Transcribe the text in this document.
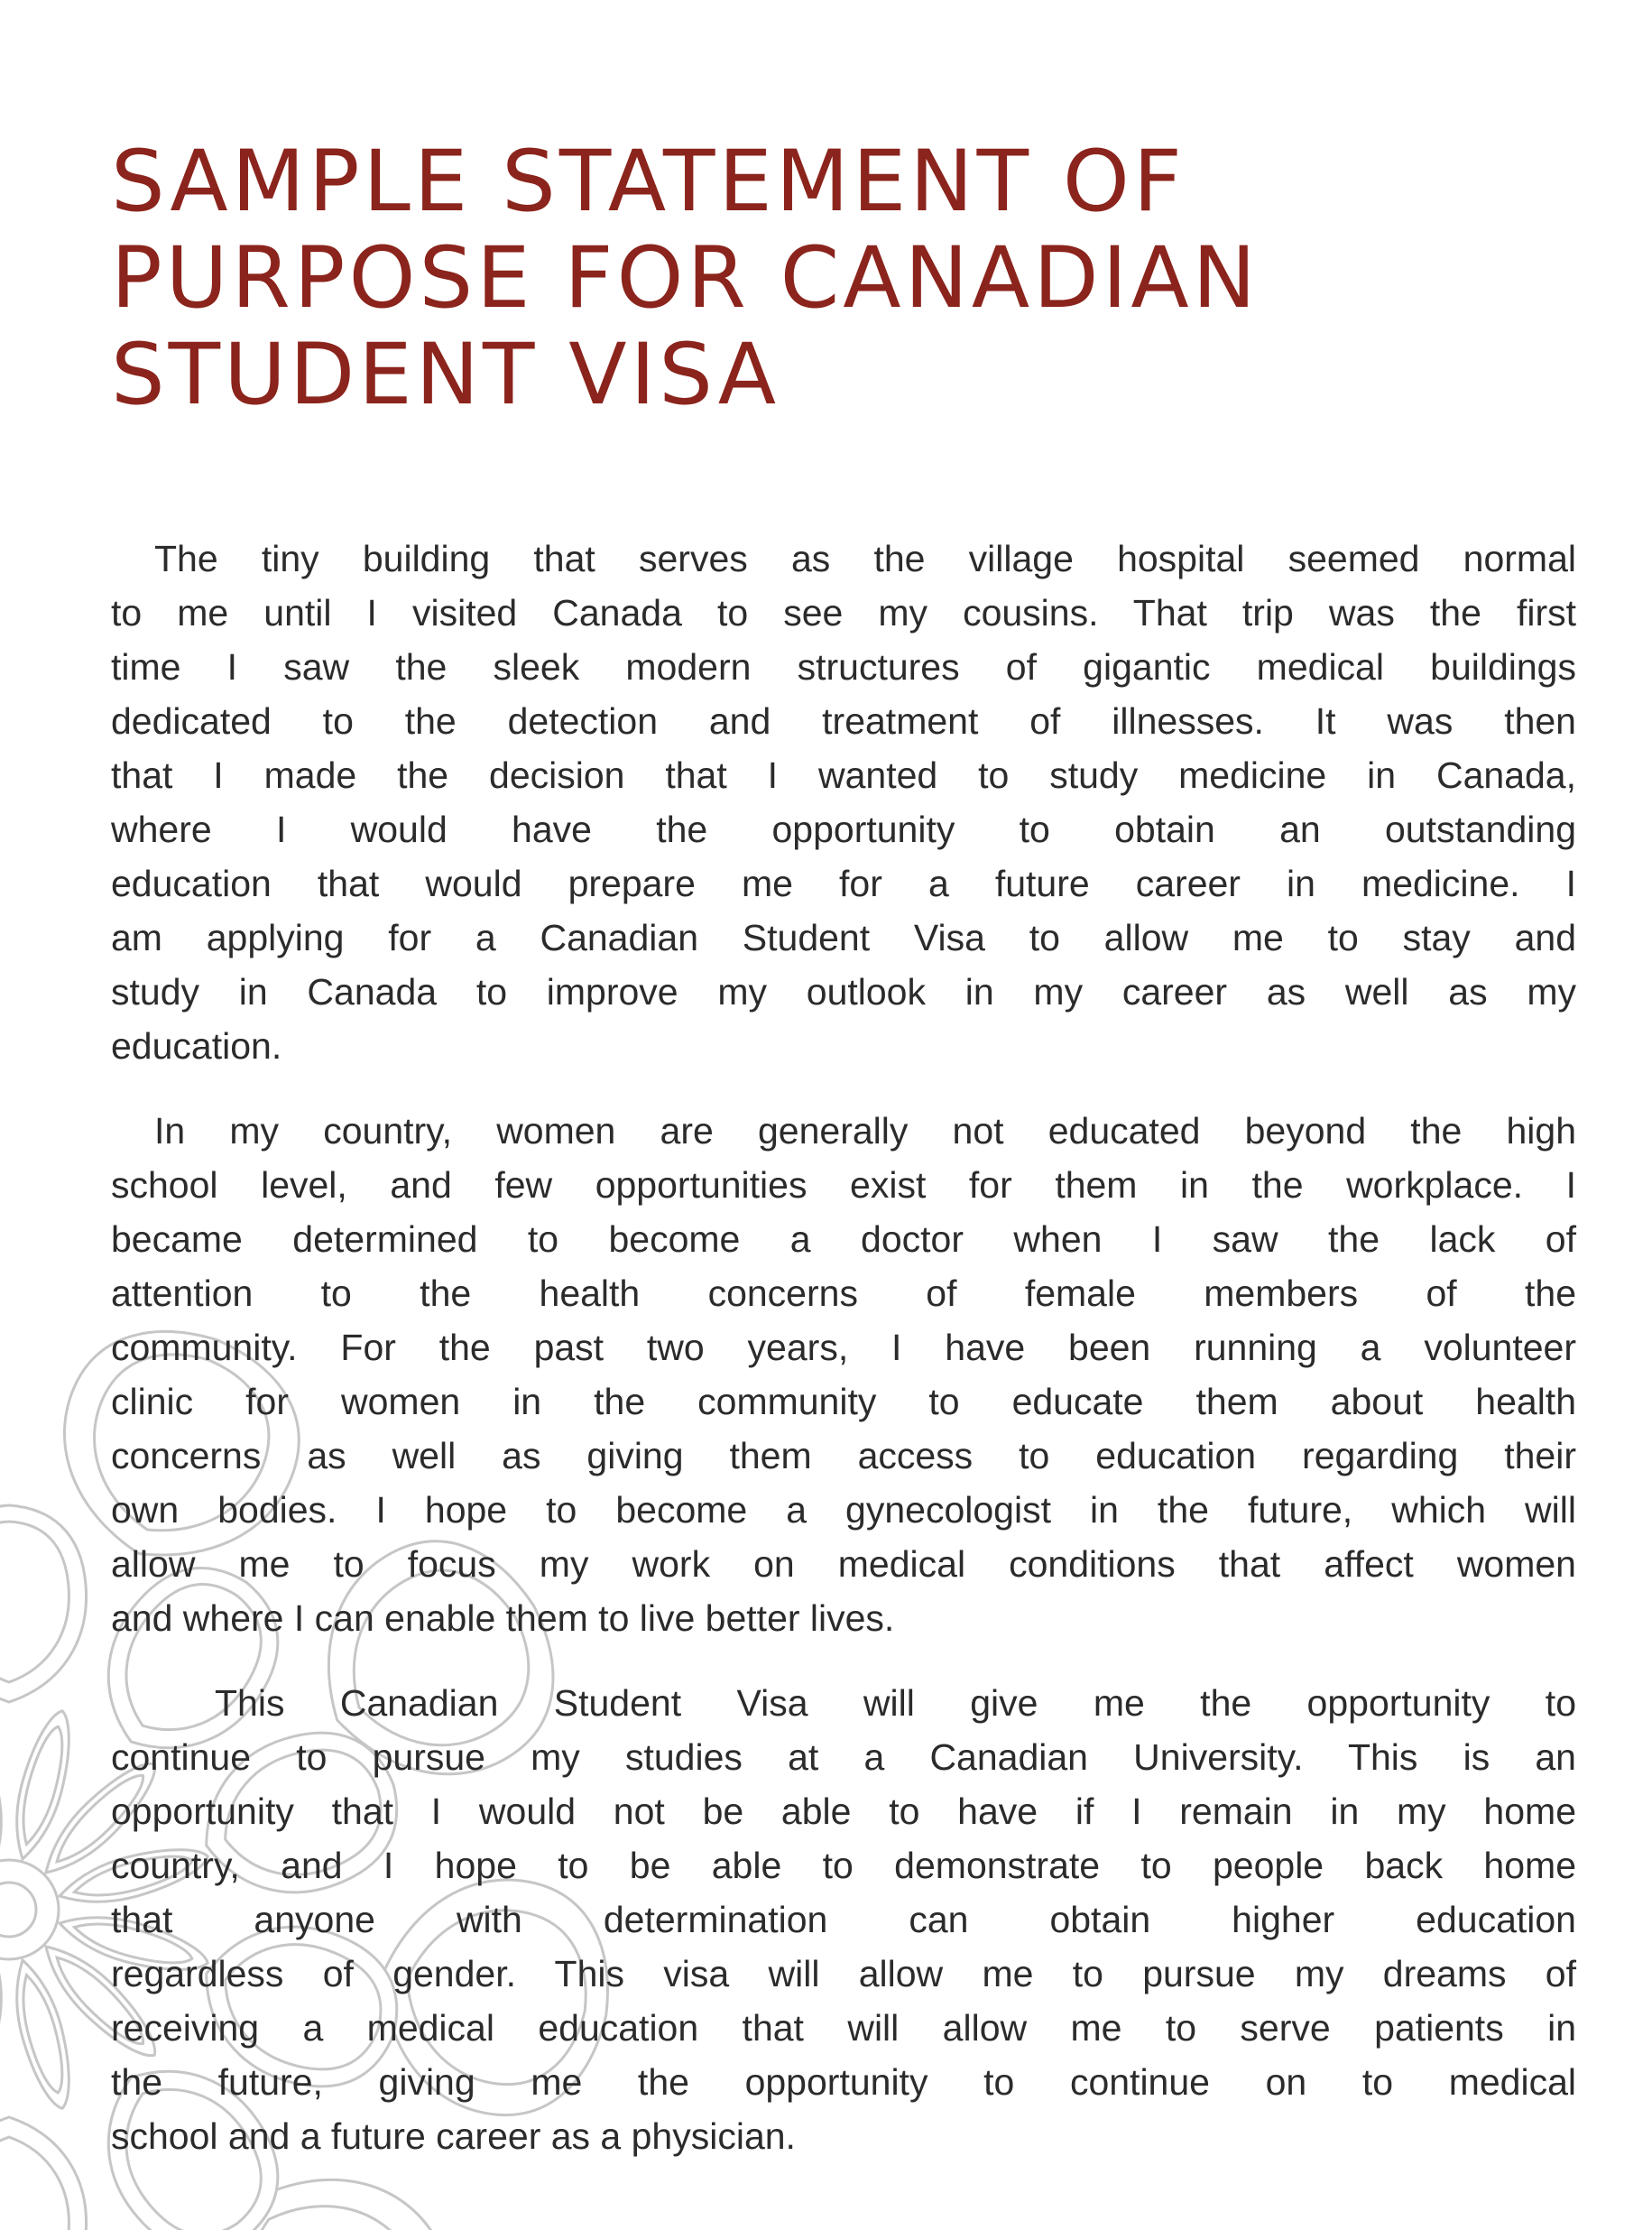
SAMPLE STATEMENT OF
PURPOSE FOR CANADIAN
STUDENT VISA
The tiny building that serves as the village hospital seemed normal
to me until I visited Canada to see my cousins. That trip was the first
time I saw the sleek modern structures of gigantic medical buildings
dedicated to the detection and treatment of illnesses. It was then
that I made the decision that I wanted to study medicine in Canada,
where I would have the opportunity to obtain an outstanding
education that would prepare me for a future career in medicine. I
am applying for a Canadian Student Visa to allow me to stay and
study in Canada to improve my outlook in my career as well as my
education.
In my country, women are generally not educated beyond the high
school level, and few opportunities exist for them in the workplace. I
became determined to become a doctor when I saw the lack of
attention to the health concerns of female members of the
community. For the past two years, I have been running a volunteer
clinic for women in the community to educate them about health
concerns as well as giving them access to education regarding their
own bodies. I hope to become a gynecologist in the future, which will
allow me to focus my work on medical conditions that affect women
and where I can enable them to live better lives.
This Canadian Student Visa will give me the opportunity to
continue to pursue my studies at a Canadian University. This is an
opportunity that I would not be able to have if I remain in my home
country, and I hope to be able to demonstrate to people back home
that anyone with determination can obtain higher education
regardless of gender. This visa will allow me to pursue my dreams of
receiving a medical education that will allow me to serve patients in
the future, giving me the opportunity to continue on to medical
school and a future career as a physician.
